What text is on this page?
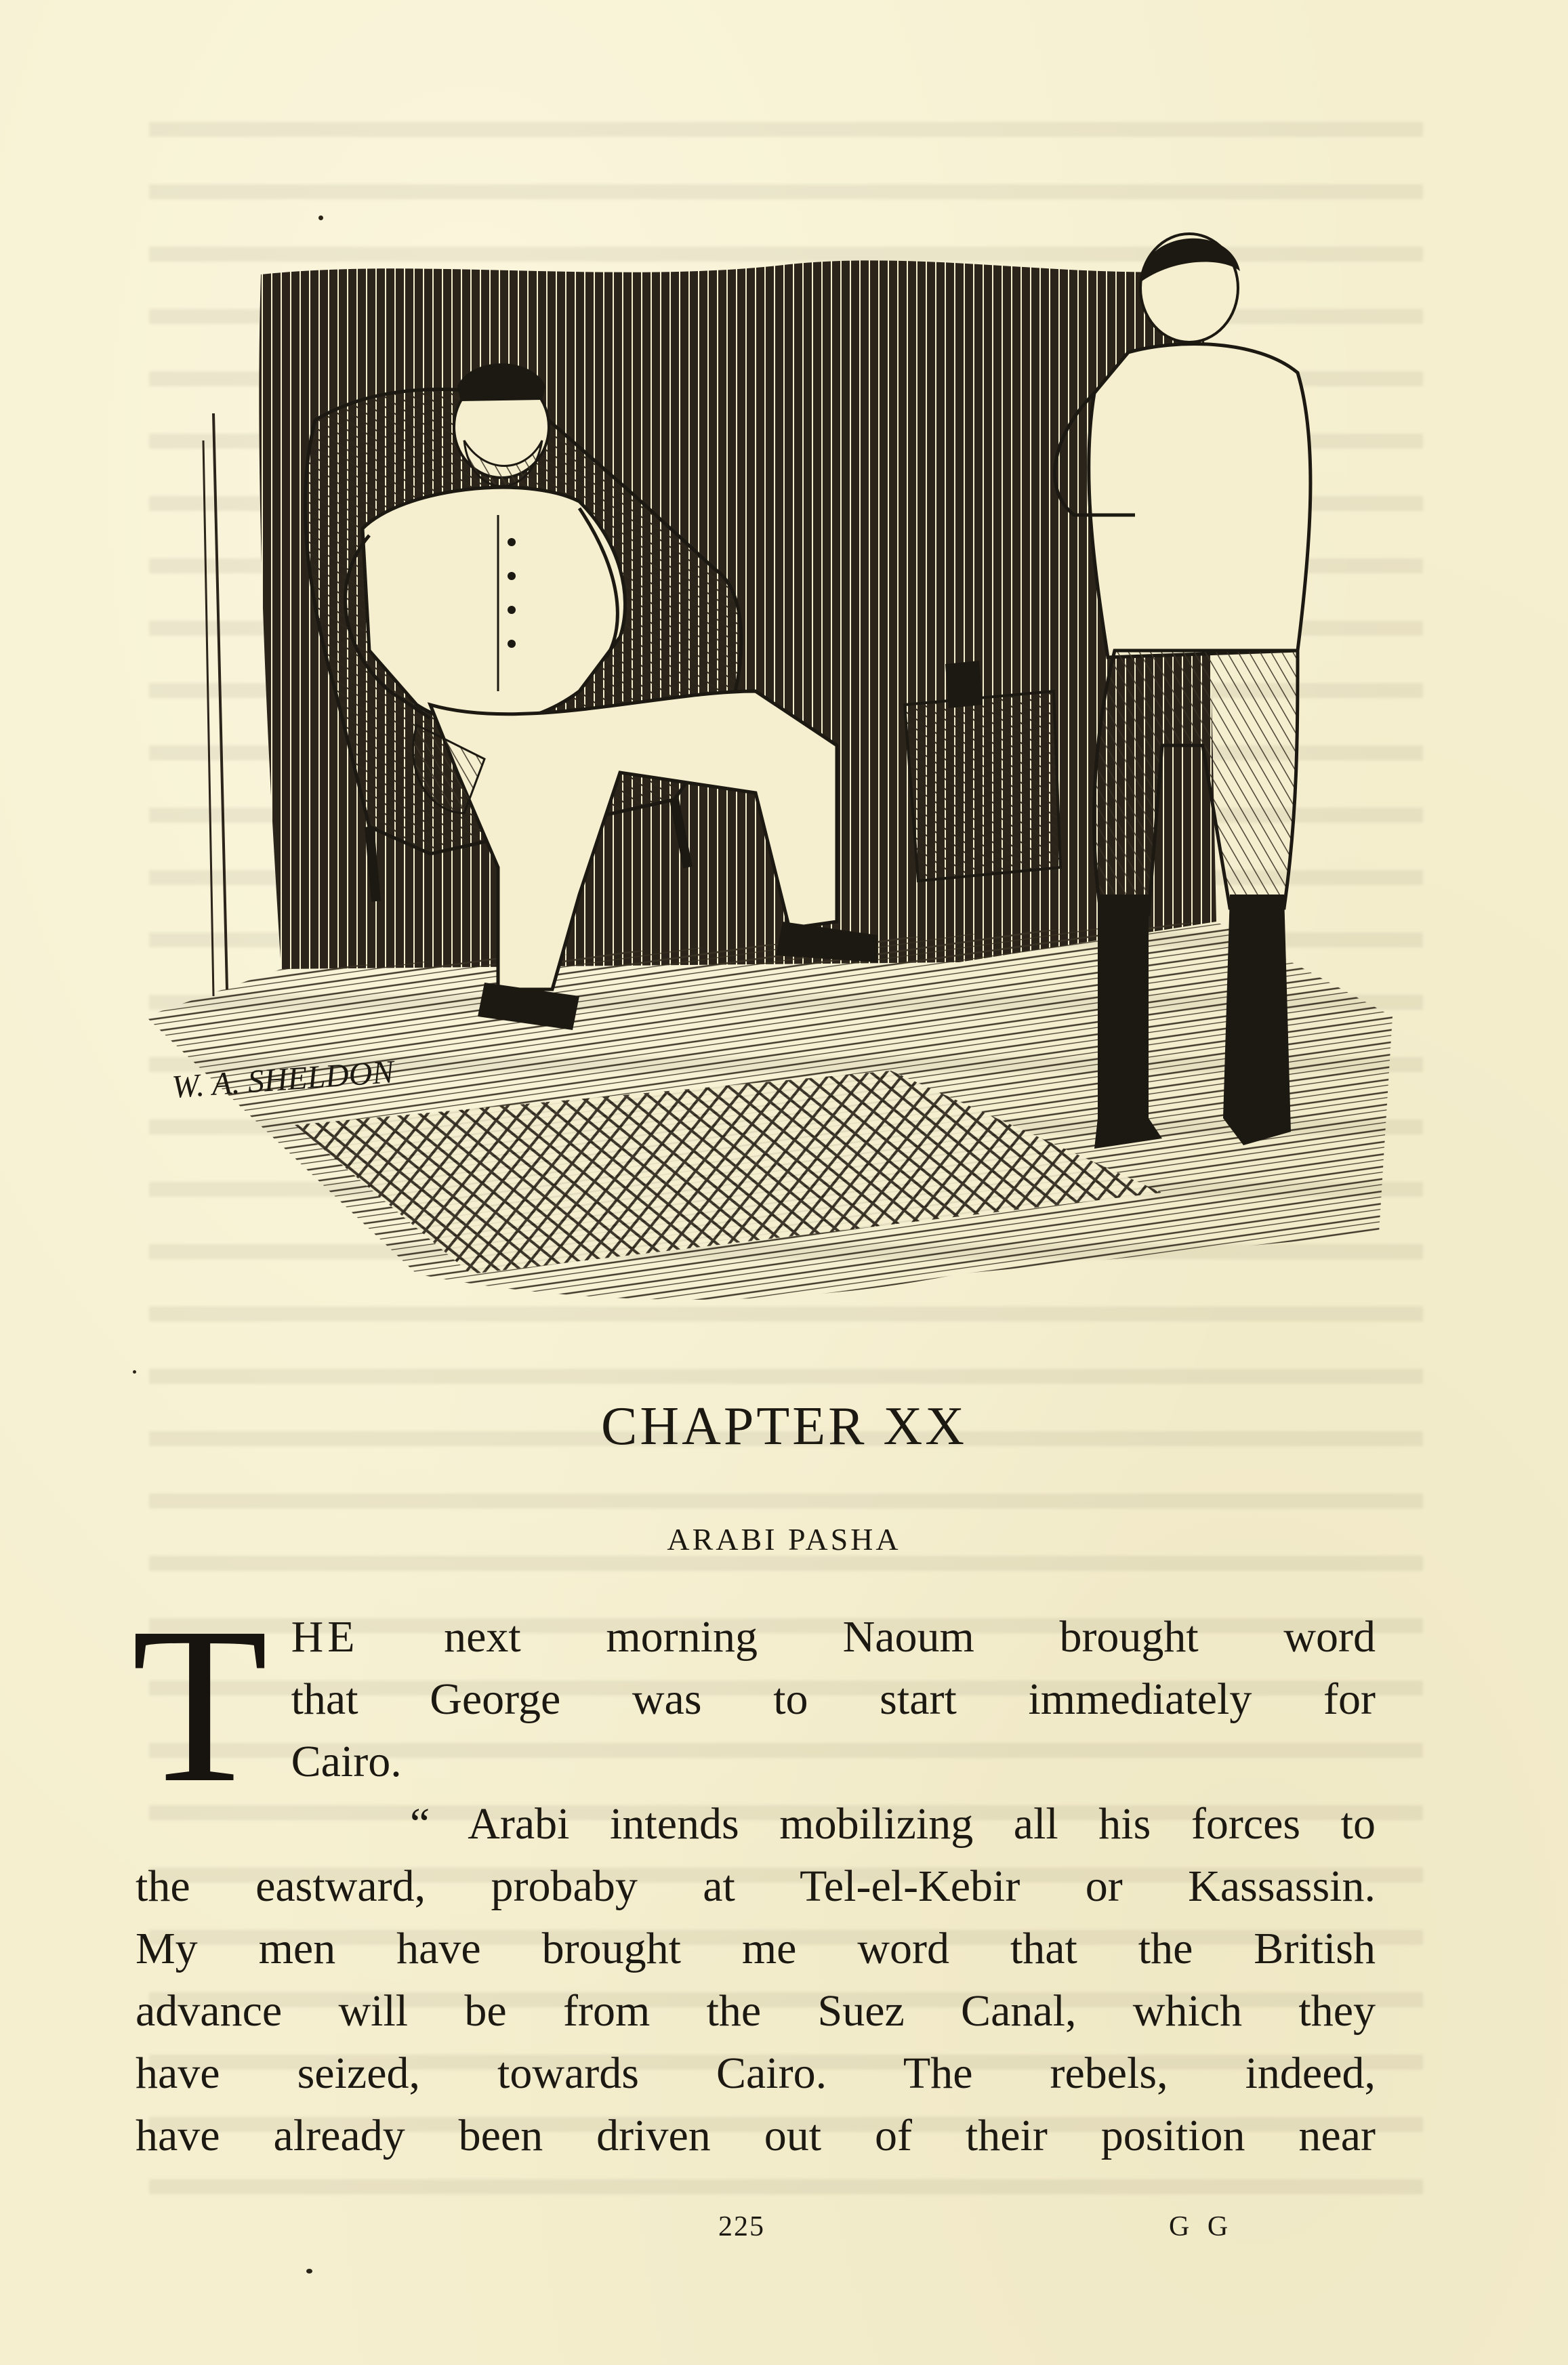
W. A. SHELDON
CHAPTER XX
ARABI PASHA
T HE next morning Naoum brought word
that George was to start immediately for
Cairo.
“ Arabi intends mobilizing all his forces to
the eastward, probaby at Tel-el-Kebir or Kassassin.
My men have brought me word that the British
advance will be from the Suez Canal, which they
have seized, towards Cairo. The rebels, indeed,
have already been driven out of their position near
225	G G
